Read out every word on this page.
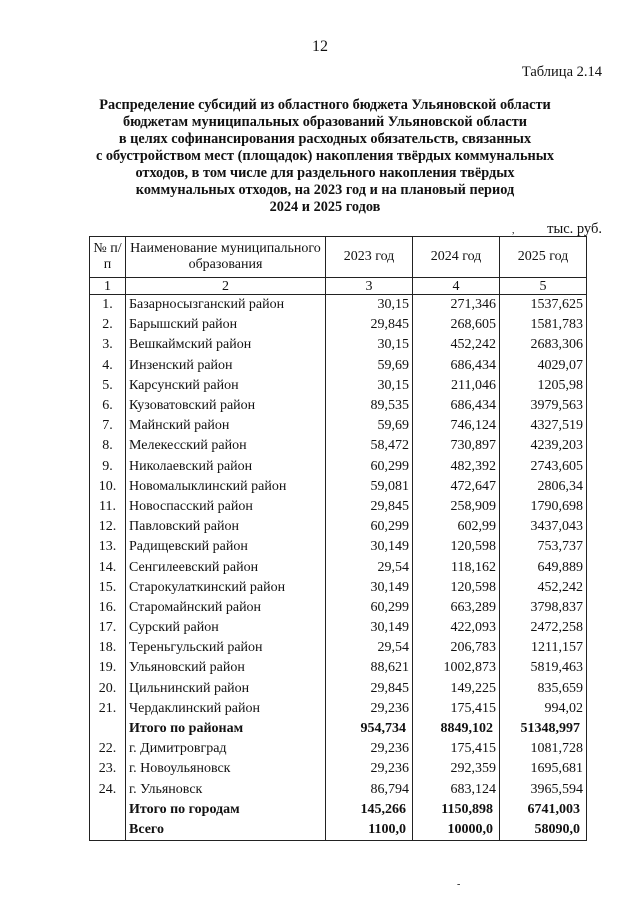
12
Таблица 2.14
Распределение субсидий из областного бюджета Ульяновской области
бюджетам муниципальных образований Ульяновской области
в целях софинансирования расходных обязательств, связанных
с обустройством мест (площадок) накопления твёрдых коммунальных
отходов, в том числе для раздельного накопления твёрдых
коммунальных отходов, на 2023 год и на плановый период
2024 и 2025 годов
, тыс. руб.
№ п/п	Наименование муниципального образования	2023 год	2024 год	2025 год
1	2	3	4	5
1.	Базарносызганский район	30,15	271,346	1537,625
2.	Барышский район	29,845	268,605	1581,783
3.	Вешкаймский район	30,15	452,242	2683,306
4.	Инзенский район	59,69	686,434	4029,07
5.	Карсунский район	30,15	211,046	1205,98
6.	Кузоватовский район	89,535	686,434	3979,563
7.	Майнский район	59,69	746,124	4327,519
8.	Мелекесский район	58,472	730,897	4239,203
9.	Николаевский район	60,299	482,392	2743,605
10.	Новомалыклинский район	59,081	472,647	2806,34
11.	Новоспасский район	29,845	258,909	1790,698
12.	Павловский район	60,299	602,99	3437,043
13.	Радищевский район	30,149	120,598	753,737
14.	Сенгилеевский район	29,54	118,162	649,889
15.	Старокулаткинский район	30,149	120,598	452,242
16.	Старомайнский район	60,299	663,289	3798,837
17.	Сурский район	30,149	422,093	2472,258
18.	Тереньгульский район	29,54	206,783	1211,157
19.	Ульяновский район	88,621	1002,873	5819,463
20.	Цильнинский район	29,845	149,225	835,659
21.	Чердаклинский район	29,236	175,415	994,02
	Итого по районам	954,734	8849,102	51348,997
22.	г. Димитровград	29,236	175,415	1081,728
23.	г. Новоульяновск	29,236	292,359	1695,681
24.	г. Ульяновск	86,794	683,124	3965,594
	Итого по городам	145,266	1150,898	6741,003
	Всего	1100,0	10000,0	58090,0
-
